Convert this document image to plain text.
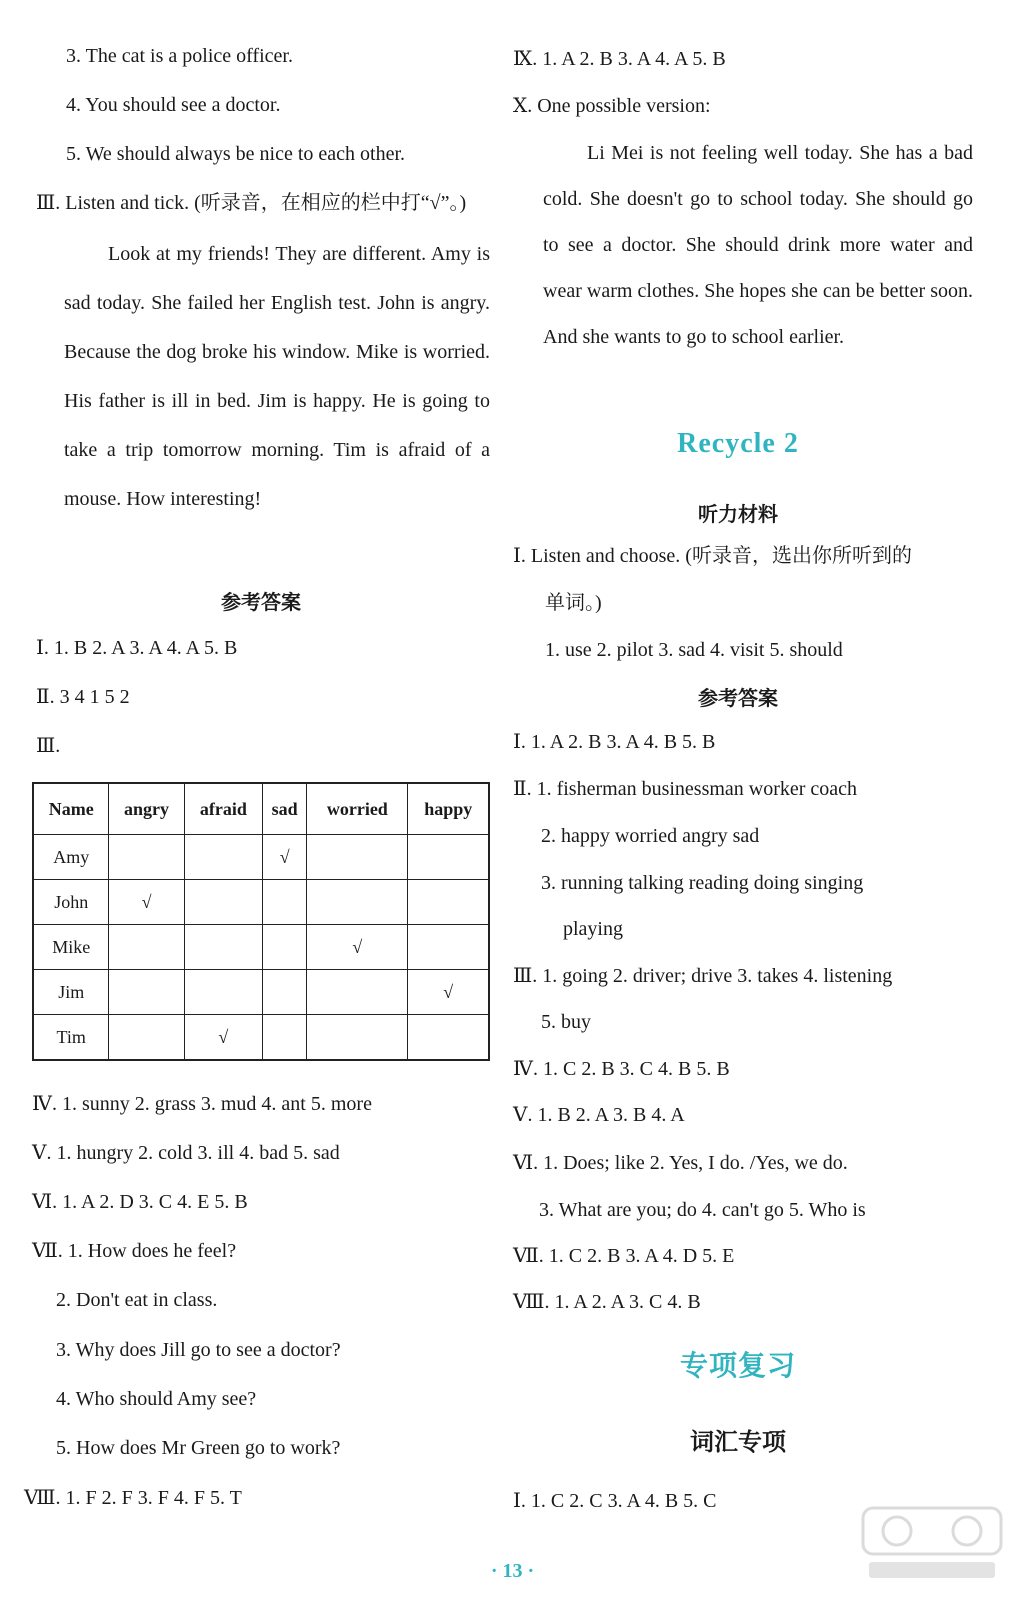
3. The cat is a police officer.
4. You should see a doctor.
5. We should always be nice to each other.
Ⅲ. Listen and tick. (听录音，在相应的栏中打“√”。)
Look at my friends! They are different. Amy is sad today. She failed her English test. John is angry. Because the dog broke his window. Mike is worried. His father is ill in bed. Jim is happy. He is going to take a trip tomorrow morning. Tim is afraid of a mouse. How interesting!
参考答案
Ⅰ. 1. B 2. A 3. A 4. A 5. B
Ⅱ. 3 4 1 5 2
Ⅲ.
Name	angry	afraid	sad	worried	happy
Amy			√		
John	√				
Mike				√	
Jim					√
Tim		√			
Ⅳ. 1. sunny 2. grass 3. mud 4. ant 5. more
Ⅴ. 1. hungry 2. cold 3. ill 4. bad 5. sad
Ⅵ. 1. A 2. D 3. C 4. E 5. B
Ⅶ. 1. How does he feel?
2. Don't eat in class.
3. Why does Jill go to see a doctor?
4. Who should Amy see?
5. How does Mr Green go to work?
Ⅷ. 1. F 2. F 3. F 4. F 5. T
Ⅸ. 1. A 2. B 3. A 4. A 5. B
Ⅹ. One possible version:
Li Mei is not feeling well today. She has a bad cold. She doesn't go to school today. She should go to see a doctor. She should drink more water and wear warm clothes. She hopes she can be better soon. And she wants to go to school earlier.
Recycle 2
听力材料
Ⅰ. Listen and choose. (听录音，选出你所听到的
单词。)
1. use 2. pilot 3. sad 4. visit 5. should
参考答案
Ⅰ. 1. A 2. B 3. A 4. B 5. B
Ⅱ. 1. fisherman businessman worker coach
2. happy worried angry sad
3. running talking reading doing singing
playing
Ⅲ. 1. going 2. driver; drive 3. takes 4. listening
5. buy
Ⅳ. 1. C 2. B 3. C 4. B 5. B
Ⅴ. 1. B 2. A 3. B 4. A
Ⅵ. 1. Does; like 2. Yes, I do. /Yes, we do.
3. What are you; do 4. can't go 5. Who is
Ⅶ. 1. C 2. B 3. A 4. D 5. E
Ⅷ. 1. A 2. A 3. C 4. B
专项复习
词汇专项
Ⅰ. 1. C 2. C 3. A 4. B 5. C
· 13 ·
